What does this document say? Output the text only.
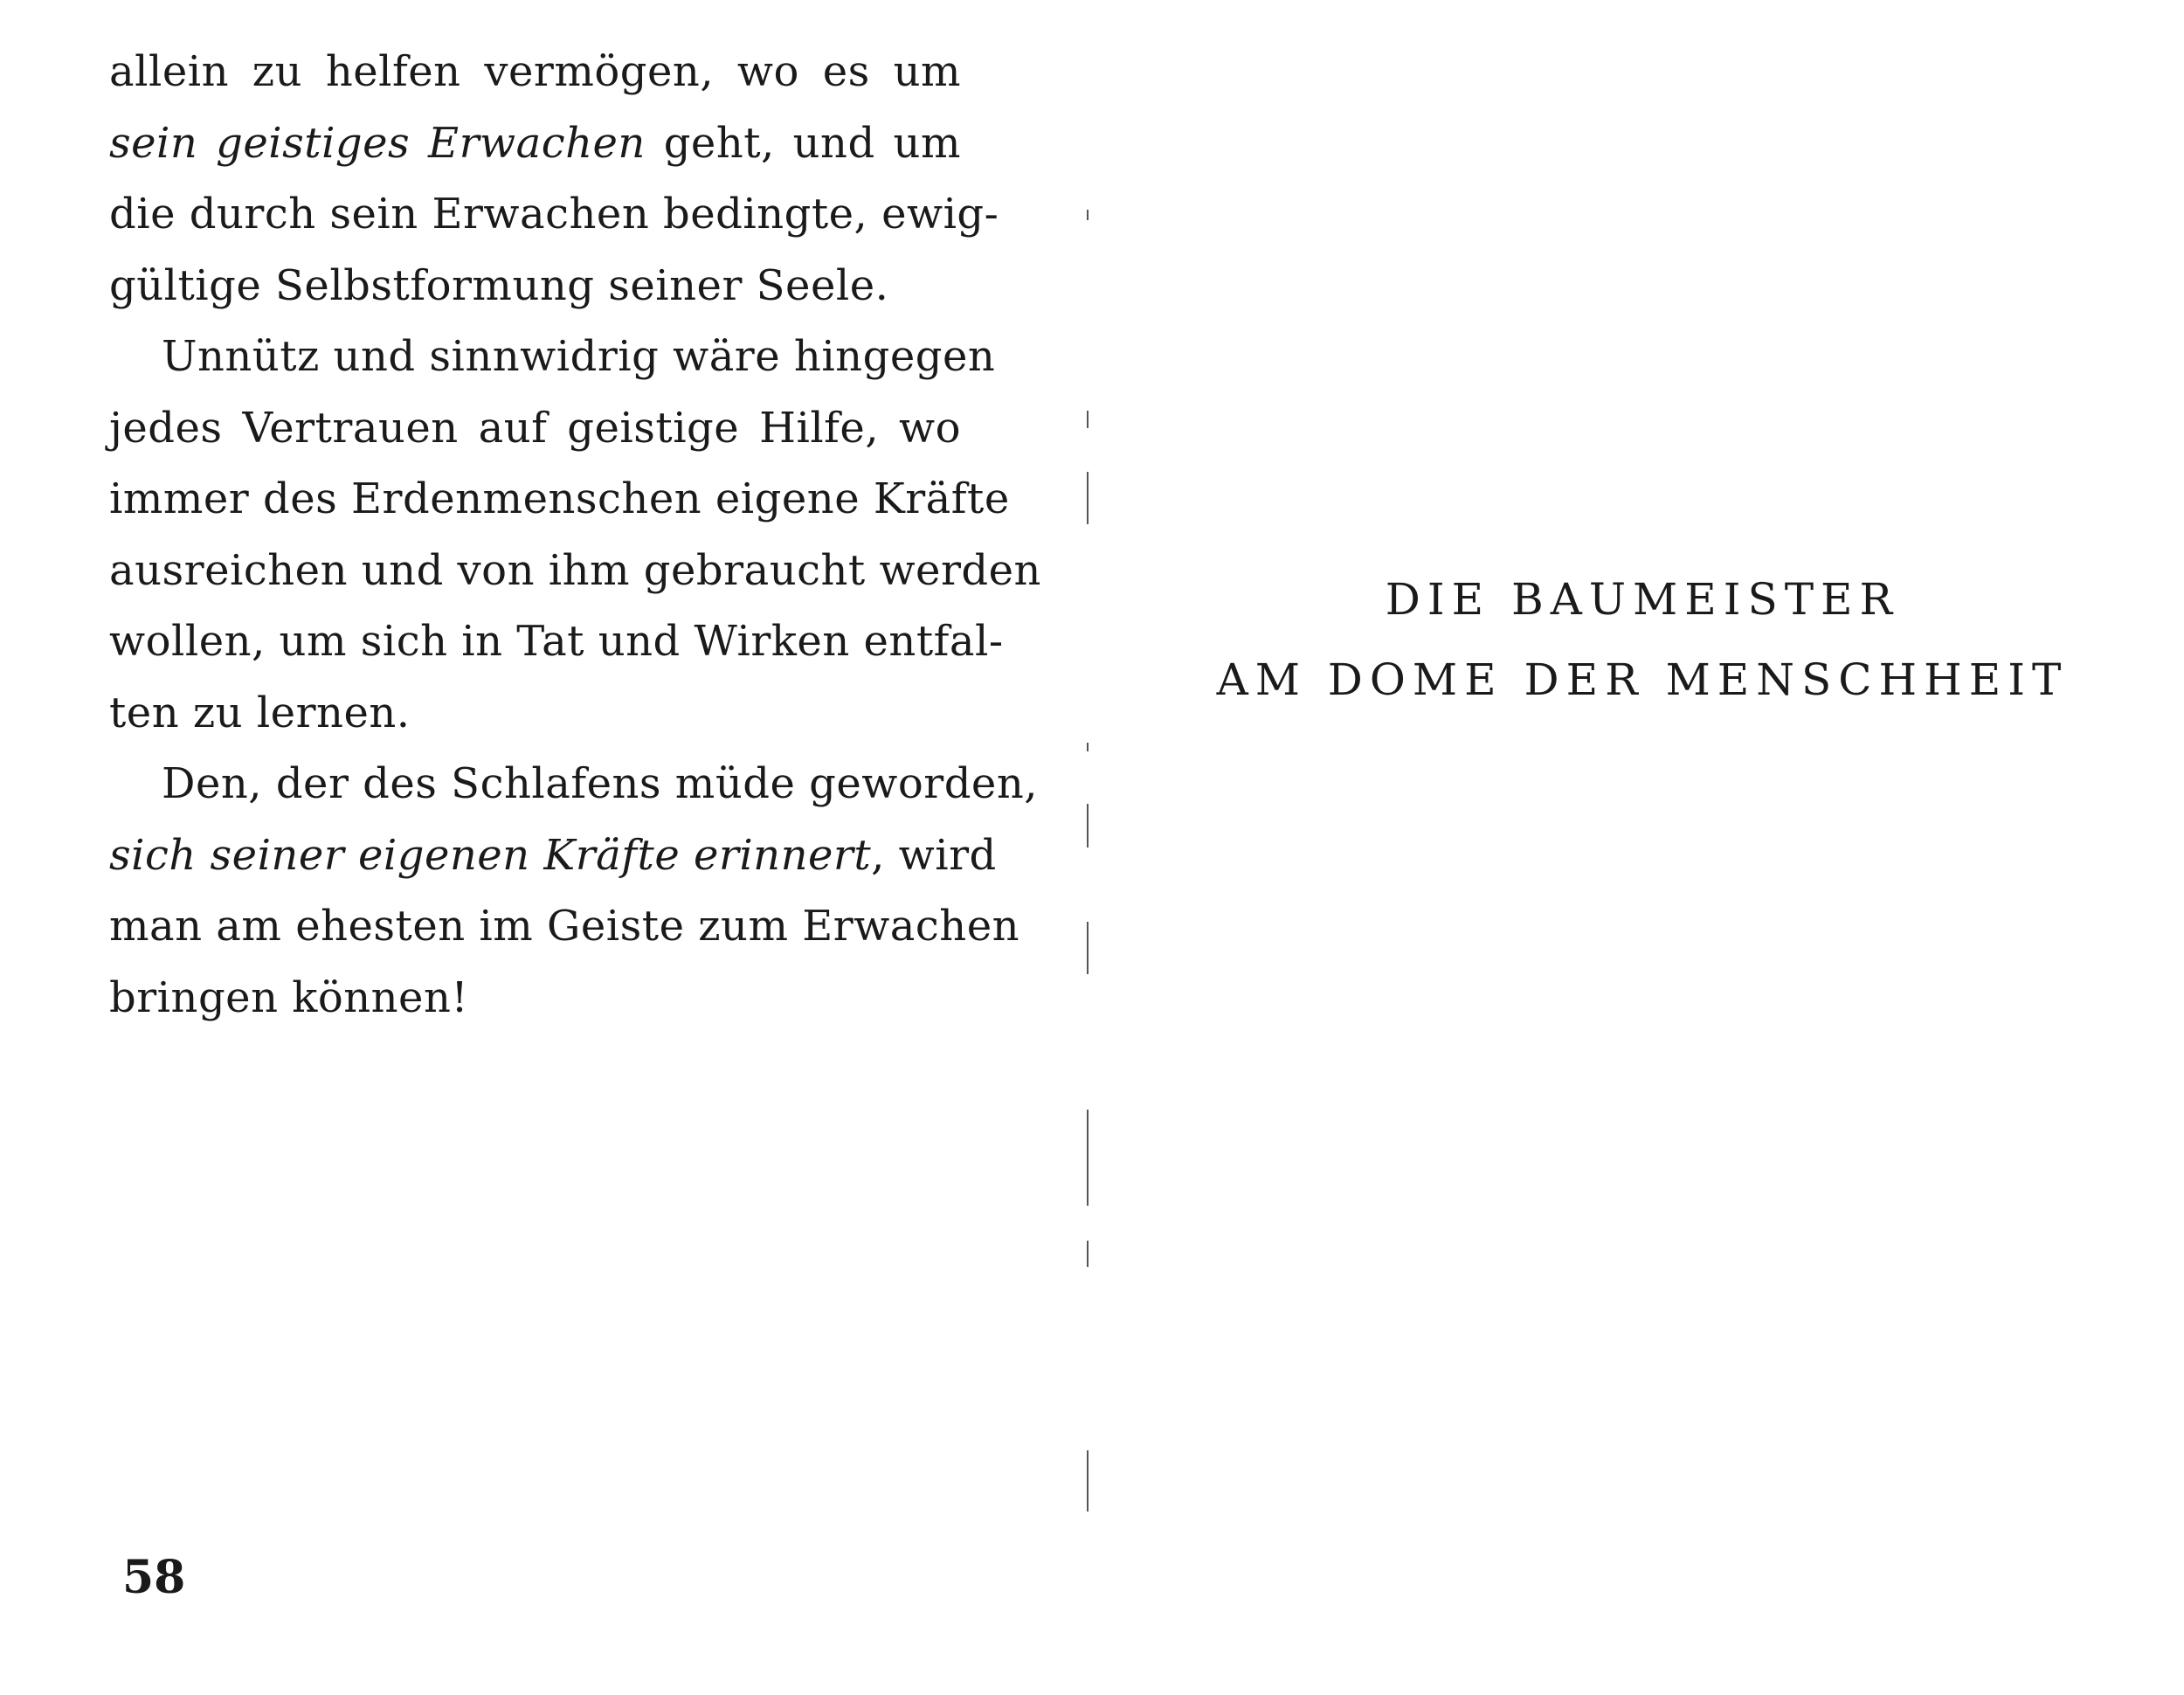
allein zu helfen vermögen, wo es um
sein geistiges Erwachen geht, und um
die durch sein Erwachen bedingte, ewig-
gültige Selbstformung seiner Seele.
Unnütz und sinnwidrig wäre hingegen
jedes Vertrauen auf geistige Hilfe, wo
immer des Erdenmenschen eigene Kräfte
ausreichen und von ihm gebraucht werden
wollen, um sich in Tat und Wirken entfal-
ten zu lernen.
Den, der des Schlafens müde geworden,
sich seiner eigenen Kräfte erinnert, wird
man am ehesten im Geiste zum Erwachen
bringen können!
58
DIE BAUMEISTER
AM DOME DER MENSCHHEIT
